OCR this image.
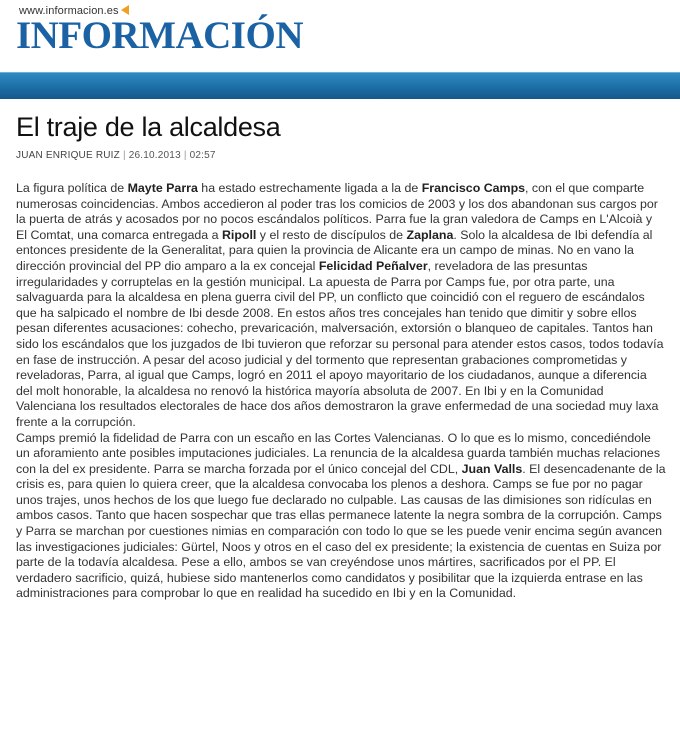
www.informacion.es
INFORMACIÓN
El traje de la alcaldesa
JUAN ENRIQUE RUIZ | 26.10.2013 | 02:57

La figura política de Mayte Parra ha estado estrechamente ligada a la de Francisco Camps, con el que comparte numerosas coincidencias. Ambos accedieron al poder tras los comicios de 2003 y los dos abandonan sus cargos por la puerta de atrás y acosados por no pocos escándalos políticos. Parra fue la gran valedora de Camps en L'Alcoià y El Comtat, una comarca entregada a Ripoll y el resto de discípulos de Zaplana. Solo la alcaldesa de Ibi defendía al entonces presidente de la Generalitat, para quien la provincia de Alicante era un campo de minas. No en vano la dirección provincial del PP dio amparo a la ex concejal Felicidad Peñalver, reveladora de las presuntas irregularidades y corruptelas en la gestión municipal. La apuesta de Parra por Camps fue, por otra parte, una salvaguarda para la alcaldesa en plena guerra civil del PP, un conflicto que coincidió con el reguero de escándalos que ha salpicado el nombre de Ibi desde 2008. En estos años tres concejales han tenido que dimitir y sobre ellos pesan diferentes acusaciones: cohecho, prevaricación, malversación, extorsión o blanqueo de capitales. Tantos han sido los escándalos que los juzgados de Ibi tuvieron que reforzar su personal para atender estos casos, todos todavía en fase de instrucción. A pesar del acoso judicial y del tormento que representan grabaciones comprometidas y reveladoras, Parra, al igual que Camps, logró en 2011 el apoyo mayoritario de los ciudadanos, aunque a diferencia del molt honorable, la alcaldesa no renovó la histórica mayoría absoluta de 2007. En Ibi y en la Comunidad Valenciana los resultados electorales de hace dos años demostraron la grave enfermedad de una sociedad muy laxa frente a la corrupción.

Camps premió la fidelidad de Parra con un escaño en las Cortes Valencianas. O lo que es lo mismo, concediéndole un aforamiento ante posibles imputaciones judiciales. La renuncia de la alcaldesa guarda también muchas relaciones con la del ex presidente. Parra se marcha forzada por el único concejal del CDL, Juan Valls. El desencadenante de la crisis es, para quien lo quiera creer, que la alcaldesa convocaba los plenos a deshora. Camps se fue por no pagar unos trajes, unos hechos de los que luego fue declarado no culpable. Las causas de las dimisiones son ridículas en ambos casos. Tanto que hacen sospechar que tras ellas permanece latente la negra sombra de la corrupción. Camps y Parra se marchan por cuestiones nimias en comparación con todo lo que se les puede venir encima según avancen las investigaciones judiciales: Gürtel, Noos y otros en el caso del ex presidente; la existencia de cuentas en Suiza por parte de la todavía alcaldesa. Pese a ello, ambos se van creyéndose unos mártires, sacrificados por el PP. El verdadero sacrificio, quizá, hubiese sido mantenerlos como candidatos y posibilitar que la izquierda entrase en las administraciones para comprobar lo que en realidad ha sucedido en Ibi y en la Comunidad.
